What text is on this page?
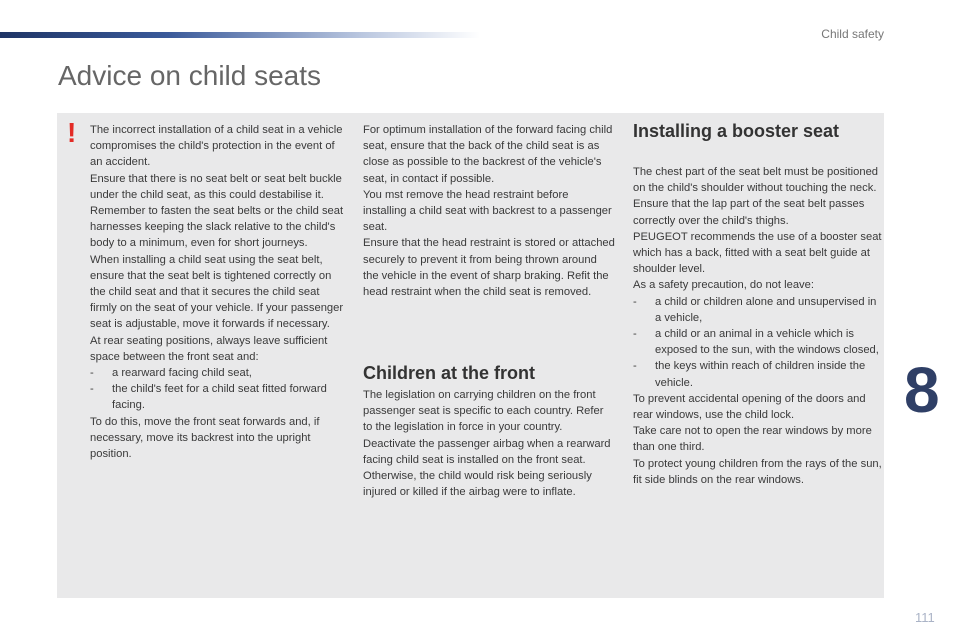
Child safety
Advice on child seats
! The incorrect installation of a child seat in a vehicle compromises the child's protection in the event of an accident.

Ensure that there is no seat belt or seat belt buckle under the child seat, as this could destabilise it.

Remember to fasten the seat belts or the child seat harnesses keeping the slack relative to the child's body to a minimum, even for short journeys.

When installing a child seat using the seat belt, ensure that the seat belt is tightened correctly on the child seat and that it secures the child seat firmly on the seat of your vehicle. If your passenger seat is adjustable, move it forwards if necessary.

At rear seating positions, always leave sufficient space between the front seat and:

- a rearward facing child seat,

- the child's feet for a child seat fitted forward facing.

To do this, move the front seat forwards and, if necessary, move its backrest into the upright position.

For optimum installation of the forward facing child seat, ensure that the back of the child seat is as close as possible to the backrest of the vehicle's seat, in contact if possible.

You mst remove the head restraint before installing a child seat with backrest to a passenger seat.

Ensure that the head restraint is stored or attached securely to prevent it from being thrown around the vehicle in the event of sharp braking. Refit the head restraint when the child seat is removed.

Children at the front

The legislation on carrying children on the front passenger seat is specific to each country. Refer to the legislation in force in your country.

Deactivate the passenger airbag when a rearward facing child seat is installed on the front seat.

Otherwise, the child would risk being seriously injured or killed if the airbag were to inflate.

Installing a booster seat

The chest part of the seat belt must be positioned on the child's shoulder without touching the neck.

Ensure that the lap part of the seat belt passes correctly over the child's thighs.

PEUGEOT recommends the use of a booster seat which has a back, fitted with a seat belt guide at shoulder level.

As a safety precaution, do not leave:

- a child or children alone and unsupervised in a vehicle,

- a child or an animal in a vehicle which is exposed to the sun, with the windows closed,

- the keys within reach of children inside the vehicle.

To prevent accidental opening of the doors and rear windows, use the child lock.

Take care not to open the rear windows by more than one third.

To protect young children from the rays of the sun, fit side blinds on the rear windows.

8
111
